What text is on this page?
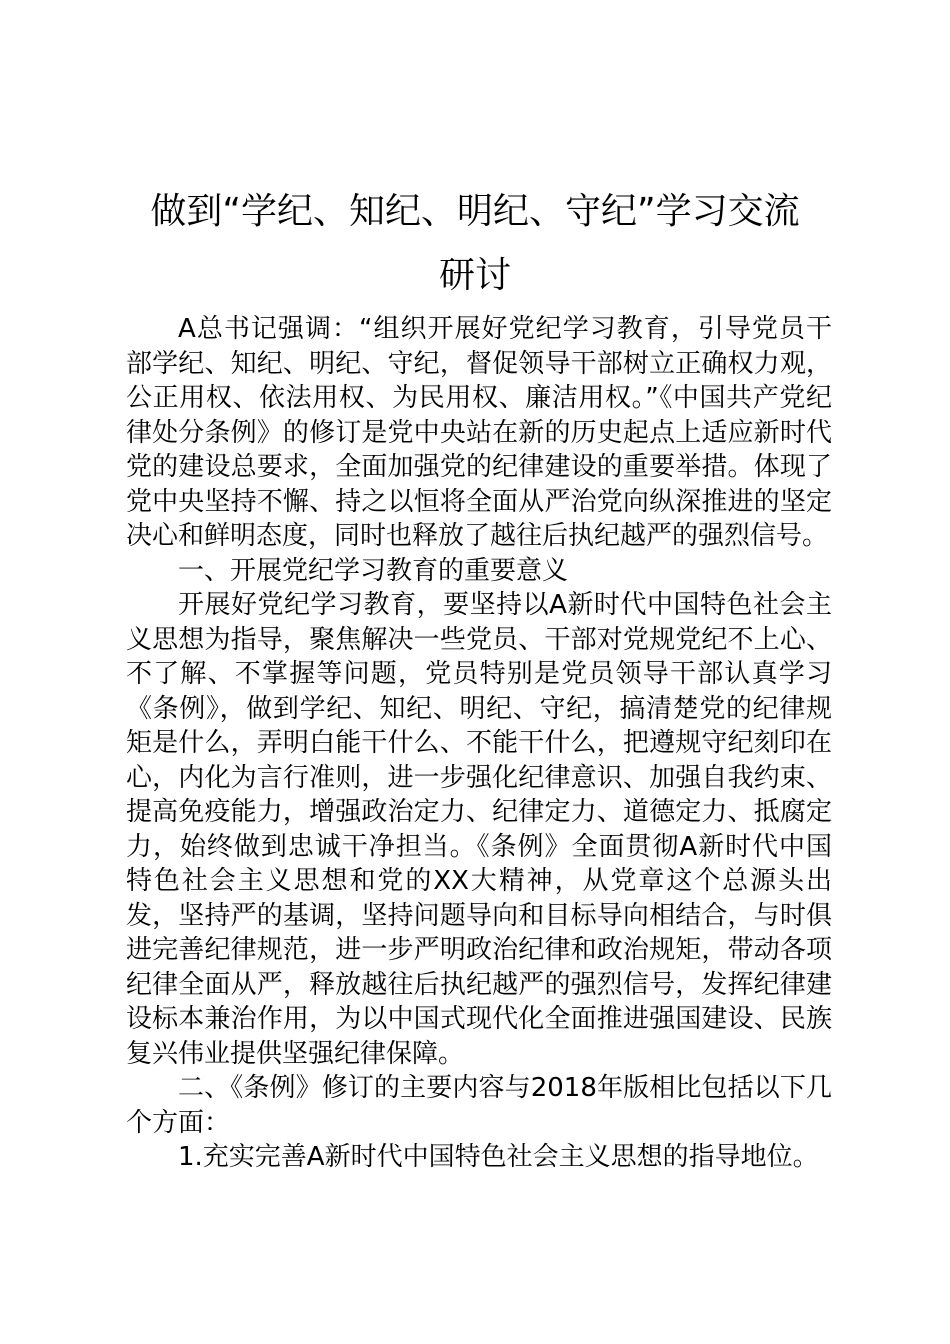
做到“学纪、知纪、明纪、守纪”学习交流
研讨

A总书记强调：“组织开展好党纪学习教育，引导党员干部学纪、知纪、明纪、守纪，督促领导干部树立正确权力观，公正用权、依法用权、为民用权、廉洁用权。”《中国共产党纪律处分条例》的修订是党中央站在新的历史起点上适应新时代党的建设总要求，全面加强党的纪律建设的重要举措。体现了党中央坚持不懈、持之以恒将全面从严治党向纵深推进的坚定决心和鲜明态度，同时也释放了越往后执纪越严的强烈信号。

一、开展党纪学习教育的重要意义

开展好党纪学习教育，要坚持以A新时代中国特色社会主义思想为指导，聚焦解决一些党员、干部对党规党纪不上心、不了解、不掌握等问题，党员特别是党员领导干部认真学习《条例》，做到学纪、知纪、明纪、守纪，搞清楚党的纪律规矩是什么，弄明白能干什么、不能干什么，把遵规守纪刻印在心，内化为言行准则，进一步强化纪律意识、加强自我约束、提高免疫能力，增强政治定力、纪律定力、道德定力、抵腐定力，始终做到忠诚干净担当。《条例》全面贯彻A新时代中国特色社会主义思想和党的XX大精神，从党章这个总源头出发，坚持严的基调，坚持问题导向和目标导向相结合，与时俱进完善纪律规范，进一步严明政治纪律和政治规矩，带动各项纪律全面从严，释放越往后执纪越严的强烈信号，发挥纪律建设标本兼治作用，为以中国式现代化全面推进强国建设、民族复兴伟业提供坚强纪律保障。

二、《条例》修订的主要内容与2018年版相比包括以下几个方面：

1.充实完善A新时代中国特色社会主义思想的指导地位。
